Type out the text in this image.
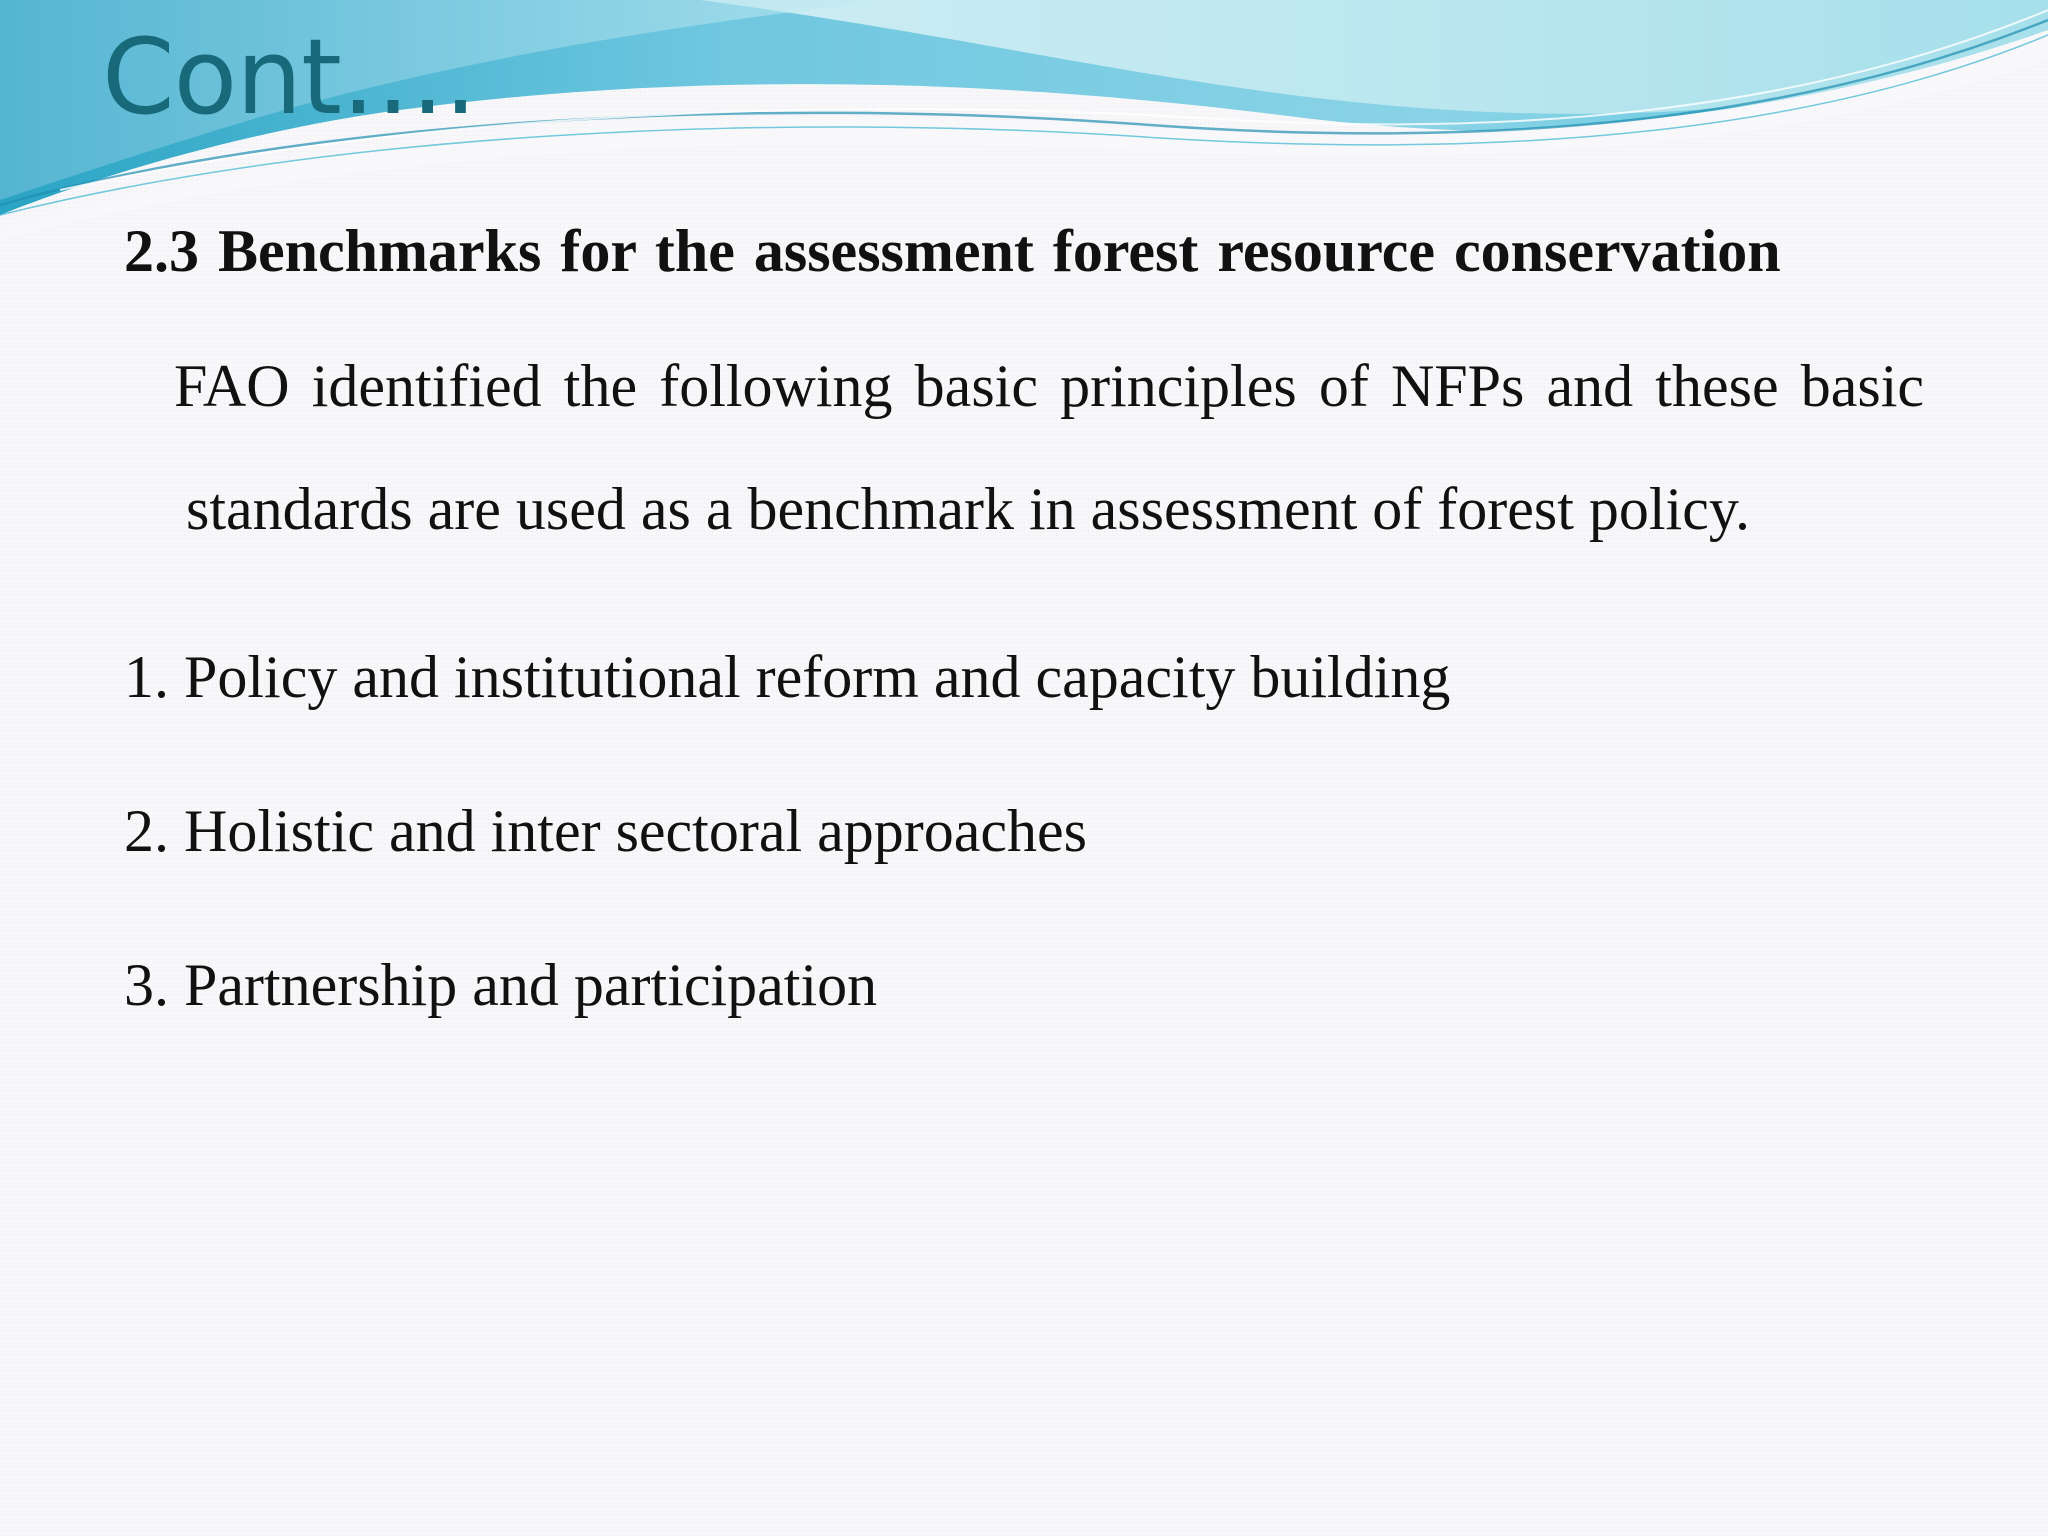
Cont….

2.3 Benchmarks for the assessment forest resource conservation

FAO identified the following basic principles of NFPs and these basic standards are used as a benchmark in assessment of forest policy.

1. Policy and institutional reform and capacity building

2. Holistic and inter sectoral approaches

3. Partnership and participation
